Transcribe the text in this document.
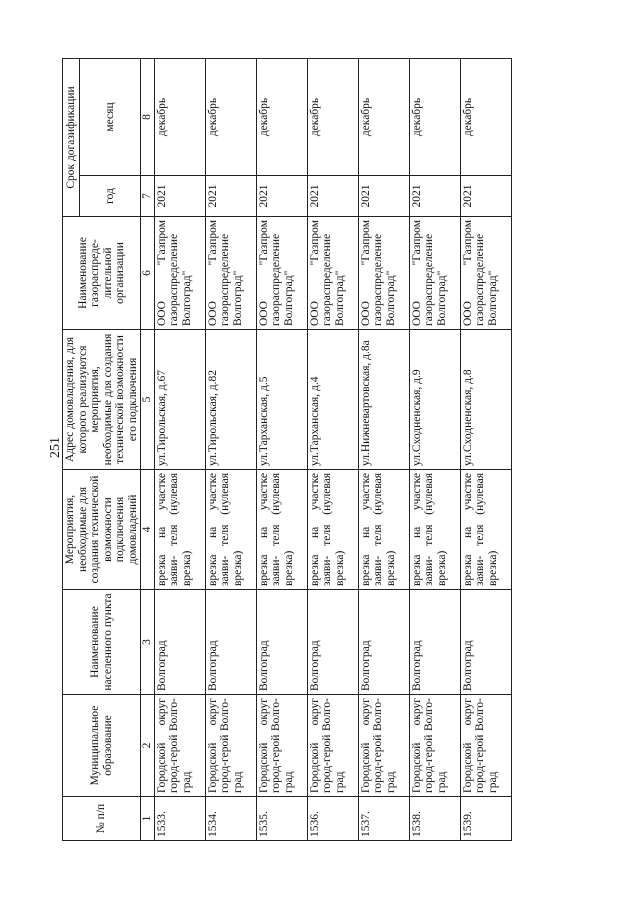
251
№ п/п	Муниципальное образование	Наименование населенного пункта	Мероприятия, необходимые для создания технической возможности подключения домовладений	Адрес домовладения, для которого реализуются мероприятия, необходимые для создания технической возможности его подключения	Наименование газораспреде- лительной организации	Срок догазификации	
						год	месяц
1	2	3	4	5	6	7	8
1533.	Городской округ город-герой Волго- град	Волгоград	врезка на участке заяви- теля (нулевая врезка)	ул.Тирольская, д.67	ООО "Газпром газораспределение Волгоград"	2021	декабрь
1534.	Городской округ город-герой Волго- град	Волгоград	врезка на участке заяви- теля (нулевая врезка)	ул.Тирольская, д.82	ООО "Газпром газораспределение Волгоград"	2021	декабрь
1535.	Городской округ город-герой Волго- град	Волгоград	врезка на участке заяви- теля (нулевая врезка)	ул.Тарханская, д.5	ООО "Газпром газораспределение Волгоград"	2021	декабрь
1536.	Городской округ город-герой Волго- град	Волгоград	врезка на участке заяви- теля (нулевая врезка)	ул.Тарханская, д.4	ООО "Газпром газораспределение Волгоград"	2021	декабрь
1537.	Городской округ город-герой Волго- град	Волгоград	врезка на участке заяви- теля (нулевая врезка)	ул.Нижневартовская, д.8а	ООО "Газпром газораспределение Волгоград"	2021	декабрь
1538.	Городской округ город-герой Волго- град	Волгоград	врезка на участке заяви- теля (нулевая врезка)	ул.Сходненская, д.9	ООО "Газпром газораспределение Волгоград"	2021	декабрь
1539.	Городской округ город-герой Волго- град	Волгоград	врезка на участке заяви- теля (нулевая врезка)	ул.Сходненская, д.8	ООО "Газпром газораспределение Волгоград"	2021	декабрь
